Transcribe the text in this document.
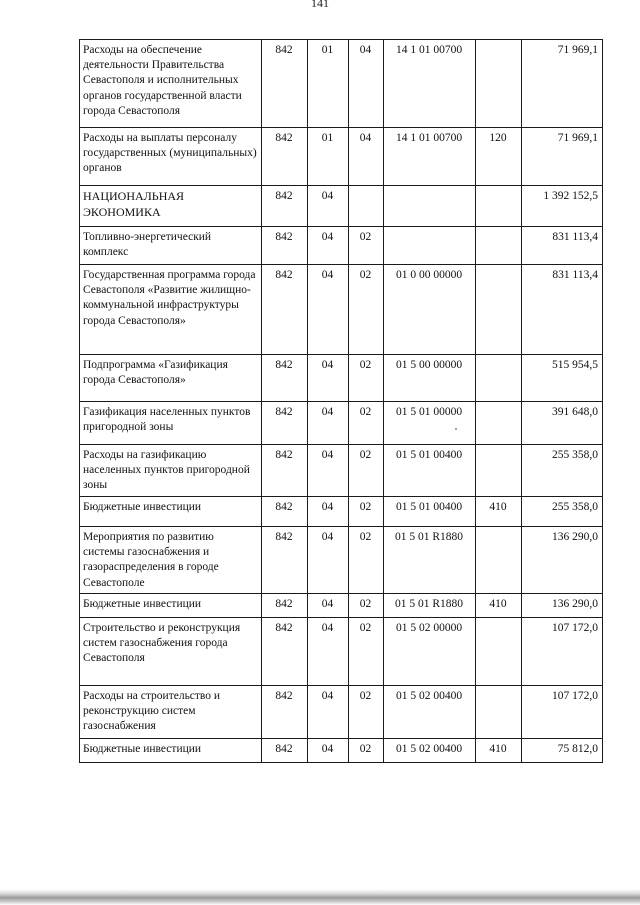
141
Расходы на обеспечение деятельности Правительства Севастополя и исполнительных органов государственной власти города Севастополя	842	01	04	14 1 01 00700		71 969,1
Расходы на выплаты персоналу государственных (муниципальных) органов	842	01	04	14 1 01 00700	120	71 969,1
НАЦИОНАЛЬНАЯ ЭКОНОМИКА	842	04				1 392 152,5
Топливно-энергетический комплекс	842	04	02			831 113,4
Государственная программа города Севастополя «Развитие жилищно-коммунальной инфраструктуры города Севастополя»	842	04	02	01 0 00 00000		831 113,4
Подпрограмма «Газификация города Севастополя»	842	04	02	01 5 00 00000		515 954,5
Газификация населенных пунктов пригородной зоны	842	04	02	01 5 01 00000		391 648,0
Расходы на газификацию населенных пунктов пригородной зоны	842	04	02	01 5 01 00400		255 358,0
Бюджетные инвестиции	842	04	02	01 5 01 00400	410	255 358,0
Мероприятия по развитию системы газоснабжения и газораспределения в городе Севастополе	842	04	02	01 5 01 R1880		136 290,0
Бюджетные инвестиции	842	04	02	01 5 01 R1880	410	136 290,0
Строительство и реконструкция систем газоснабжения города Севастополя	842	04	02	01 5 02 00000		107 172,0
Расходы на строительство и реконструкцию систем газоснабжения	842	04	02	01 5 02 00400		107 172,0
Бюджетные инвестиции	842	04	02	01 5 02 00400	410	75 812,0
